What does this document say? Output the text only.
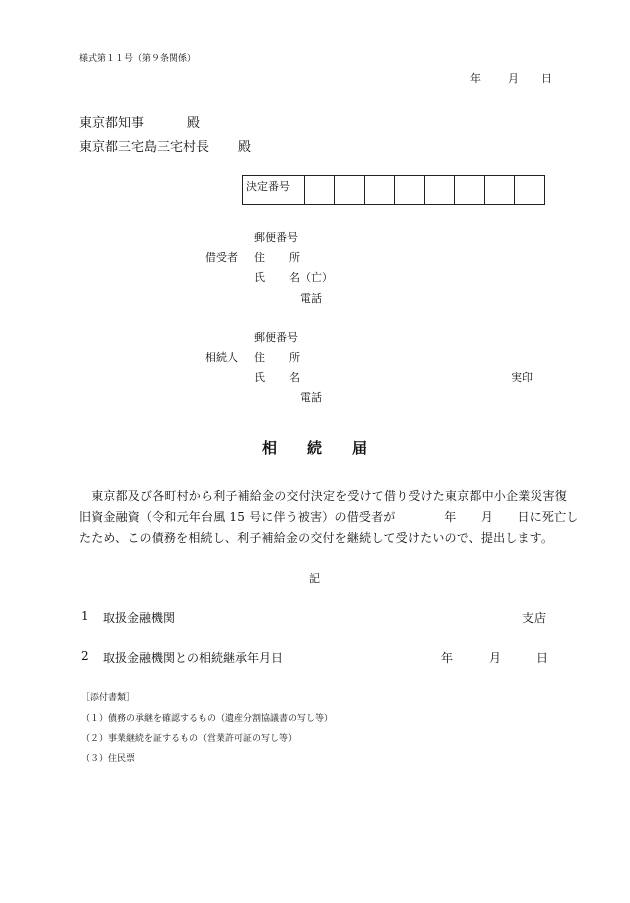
様式第１１号（第９条関係）
年 月 日
東京都知事	殿
東京都三宅島三宅村長 殿
決定番号								
郵便番号
借受者 住 所
氏 名（亡）
電話
郵便番号
相続人 住 所
氏 名	実印
電話
相　　続　　届
　東京都及び各町村から利子補給金の交付決定を受けて借り受けた東京都中小企業災害復
旧資金融資（令和元年台風 15 号に伴う被害）の借受者が　　　　年　　月　　日に死亡し
たため、この債務を相続し、利子補給金の交付を継続して受けたいので、提出します。
記
1 取扱金融機関	支店
2 取扱金融機関との相続継承年月日	年	月	日
［添付書類］
（１）債務の承継を確認するもの（遺産分割協議書の写し等）
（２）事業継続を証するもの（営業許可証の写し等）
（３）住民票
